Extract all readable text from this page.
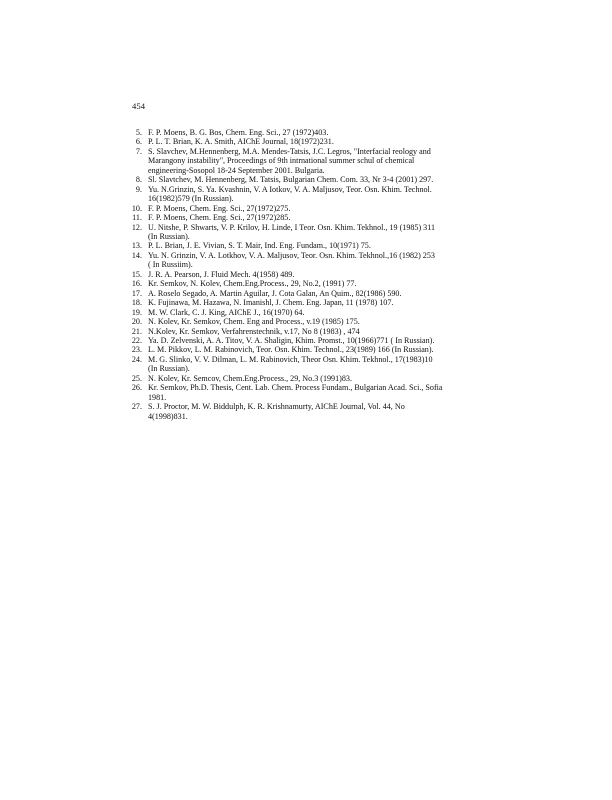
454
5. F. P. Moens, B. G. Bos, Chem. Eng. Sci., 27 (1972)403.
6. P. L. T. Brian, K. A. Smith, AIChE Journal, 18(1972)231.
7. S. Slavchev, M.Hennenberg, M.A. Mendes-Tatsis, J.C. Legros, "Interfacial reology and
Marangony instability", Proceedings of 9th intrnational summer schul of chemical
engineering-Sosopol 18-24 September 2001. Bulgaria.
8. Sl. Slavtchev, M. Hennenberg, M. Tatsis, Bulgarian Chem. Com. 33, Nr 3-4 (2001) 297.
9. Yu. N.Grinzin, S. Ya. Kvashnin, V. A Iotkov, V. A. Maljusov, Teor. Osn. Khim. Technol.
16(1982)579 (In Russian).
10. F. P. Moens, Chem. Eng. Sci., 27(1972)275.
11. F. P. Moens, Chem. Eng. Sci., 27(1972)285.
12. U. Nitshe, P. Shwarts, V. P. Krilov, H. Linde, I Teor. Osn. Khim. Tekhnol., 19 (1985) 311
(In Russian).
13. P. L. Brian, J. E. Vivian, S. T. Mair, Ind. Eng. Fundam., 10(1971) 75.
14. Yu. N. Grinzin, V. A. Lotkhov, V. A. Maljusov, Teor. Osn. Khim. Tekhnol.,16 (1982) 253
( In Russiim).
15. J. R. A. Pearson, J. Fluid Mech. 4(1958) 489.
16. Kr. Semkov, N. Kolev, Chem.Eng.Process., 29, No.2, (1991) 77.
17. A. Roselo Segado, A. Martin Aguilar, J. Cota Galan, An Quim., 82(1986) 590.
18. K. Fujinawa, M. Hazawa, N. Imanishl, J. Chem. Eng. Japan, 11 (1978) 107.
19. M. W. Clark, C. J. King, AIChE J., 16(1970) 64.
20. N. Kolev, Kr. Semkov, Chem. Eng and Process., v.19 (1985) 175.
21. N.Kolev, Kr. Semkov, Verfahrenstechnik, v.17, No 8 (1983) , 474
22. Ya. D. Zelvenski, A. A. Titov, V. A. Shaligin, Khim. Promst., 10(1966)771 ( In Russian).
23. L. M. Pikkov, L. M. Rabinovich, Teor. Osn. Khim. Technol., 23(1989) 166 (In Russian).
24. M. G. Slinko, V. V. Dilman, L. M. Rabinovich, Theor Osn. Khim. Tekhnol., 17(1983)10
(In Russian).
25. N. Kolev, Kr. Semcov, Chem.Eng.Process., 29, No.3 (1991)83.
26. Kr. Semkov, Ph.D. Thesis, Cent. Lab. Chem. Process Fundam., Bulgarian Acad. Sci., Sofia
1981.
27. S. J. Proctor, M. W. Biddulph, K. R. Krishnamurty, AIChE Journal, Vol. 44, No
4(1998)831.
